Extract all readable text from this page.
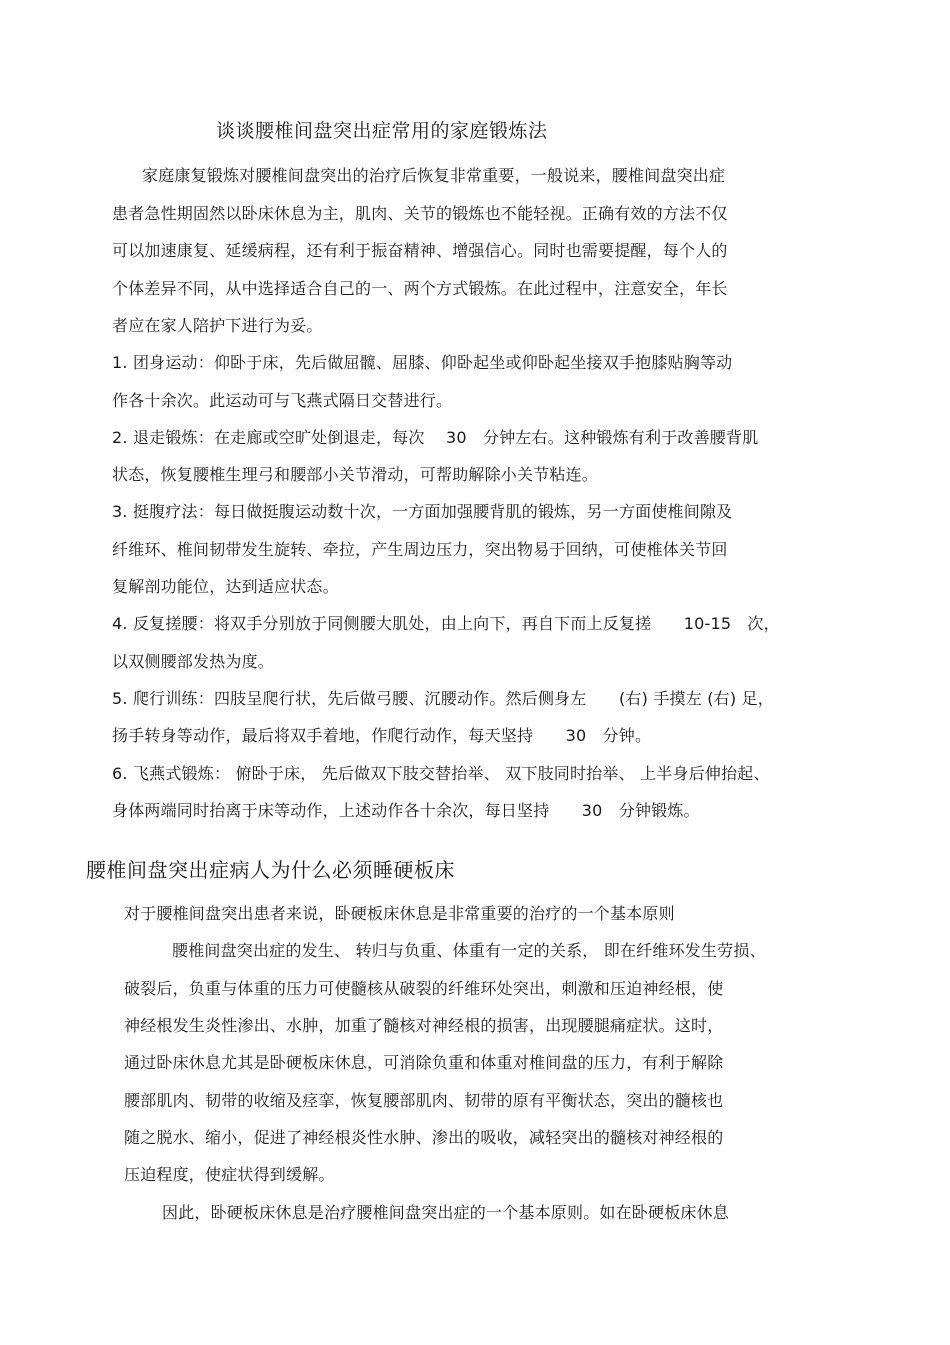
谈谈腰椎间盘突出症常用的家庭锻炼法
家庭康复锻炼对腰椎间盘突出的治疗后恢复非常重要，一般说来，腰椎间盘突出症
患者急性期固然以卧床休息为主，肌肉、关节的锻炼也不能轻视。正确有效的方法不仅
可以加速康复、延缓病程，还有利于振奋精神、增强信心。同时也需要提醒，每个人的
个体差异不同，从中选择适合自己的一、两个方式锻炼。在此过程中，注意安全，年长
者应在家人陪护下进行为妥。
1. 团身运动：仰卧于床，先后做屈髋、屈膝、仰卧起坐或仰卧起坐接双手抱膝贴胸等动
作各十余次。此运动可与飞燕式隔日交替进行。
2. 退走锻炼：在走廊或空旷处倒退走，每次　 30　分钟左右。这种锻炼有利于改善腰背肌
状态，恢复腰椎生理弓和腰部小关节滑动，可帮助解除小关节粘连。
3. 挺腹疗法：每日做挺腹运动数十次，一方面加强腰背肌的锻炼，另一方面使椎间隙及
纤维环、椎间韧带发生旋转、牵拉，产生周边压力，突出物易于回纳，可使椎体关节回
复解剖功能位，达到适应状态。
4. 反复搓腰：将双手分别放于同侧腰大肌处，由上向下，再自下而上反复搓　　10-15　次，
以双侧腰部发热为度。
5. 爬行训练：四肢呈爬行状，先后做弓腰、沉腰动作。然后侧身左　　(右) 手摸左 (右) 足，
扬手转身等动作，最后将双手着地，作爬行动作，每天坚持　　30　分钟。
6. 飞燕式锻炼： 俯卧于床， 先后做双下肢交替抬举、 双下肢同时抬举、 上半身后伸抬起、
身体两端同时抬离于床等动作，上述动作各十余次，每日坚持　　30　分钟锻炼。
腰椎间盘突出症病人为什么必须睡硬板床
对于腰椎间盘突出患者来说，卧硬板床休息是非常重要的治疗的一个基本原则
腰椎间盘突出症的发生、 转归与负重、体重有一定的关系， 即在纤维环发生劳损、
破裂后，负重与体重的压力可使髓核从破裂的纤维环处突出，刺激和压迫神经根，使
神经根发生炎性渗出、水肿，加重了髓核对神经根的损害，出现腰腿痛症状。这时，
通过卧床休息尤其是卧硬板床休息，可消除负重和体重对椎间盘的压力，有利于解除
腰部肌肉、韧带的收缩及痉挛，恢复腰部肌肉、韧带的原有平衡状态，突出的髓核也
随之脱水、缩小，促进了神经根炎性水肿、渗出的吸收，减轻突出的髓核对神经根的
压迫程度，使症状得到缓解。
因此，卧硬板床休息是治疗腰椎间盘突出症的一个基本原则。如在卧硬板床休息
